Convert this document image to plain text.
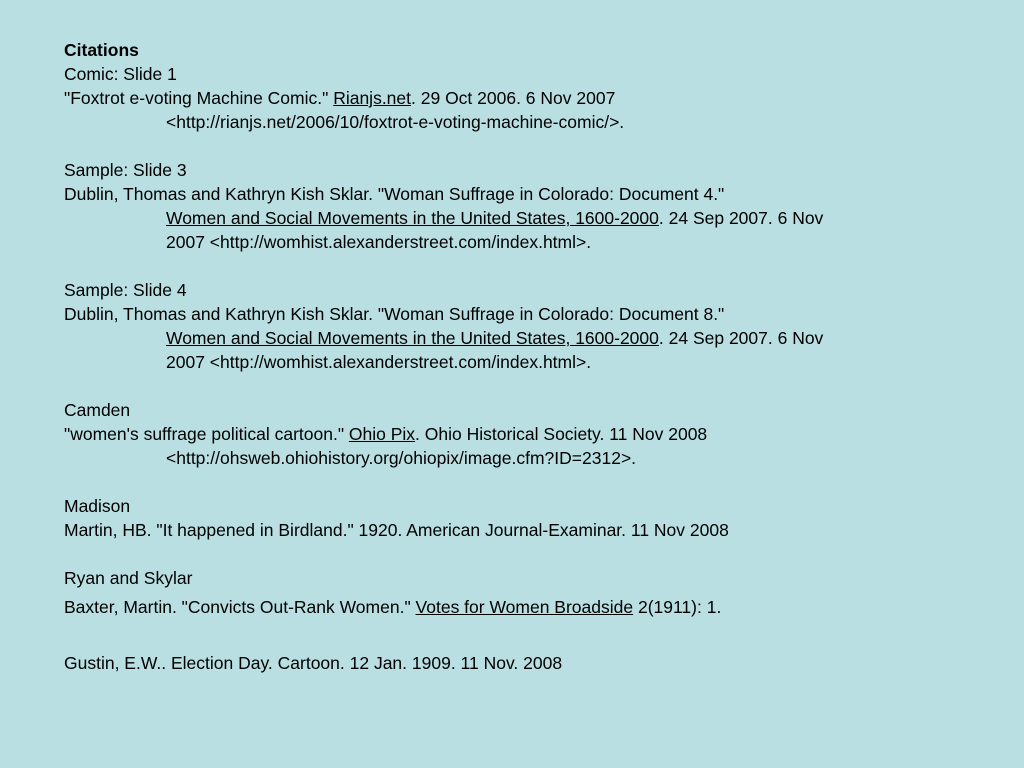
Citations
Comic: Slide 1
"Foxtrot e-voting Machine Comic." Rianjs.net. 29 Oct 2006. 6 Nov 2007
<http://rianjs.net/2006/10/foxtrot-e-voting-machine-comic/>.
Sample: Slide 3
Dublin, Thomas and Kathryn Kish Sklar. "Woman Suffrage in Colorado: Document 4."
Women and Social Movements in the United States, 1600-2000. 24 Sep 2007. 6 Nov
2007 <http://womhist.alexanderstreet.com/index.html>.
Sample: Slide 4
Dublin, Thomas and Kathryn Kish Sklar. "Woman Suffrage in Colorado: Document 8."
Women and Social Movements in the United States, 1600-2000. 24 Sep 2007. 6 Nov
2007 <http://womhist.alexanderstreet.com/index.html>.
Camden
"women's suffrage political cartoon." Ohio Pix. Ohio Historical Society. 11 Nov 2008
<http://ohsweb.ohiohistory.org/ohiopix/image.cfm?ID=2312>.
Madison
Martin, HB. "It happened in Birdland." 1920. American Journal-Examinar. 11 Nov 2008
Ryan and Skylar
Baxter, Martin. "Convicts Out-Rank Women." Votes for Women Broadside 2(1911): 1.
Gustin, E.W.. Election Day. Cartoon. 12 Jan. 1909. 11 Nov. 2008
